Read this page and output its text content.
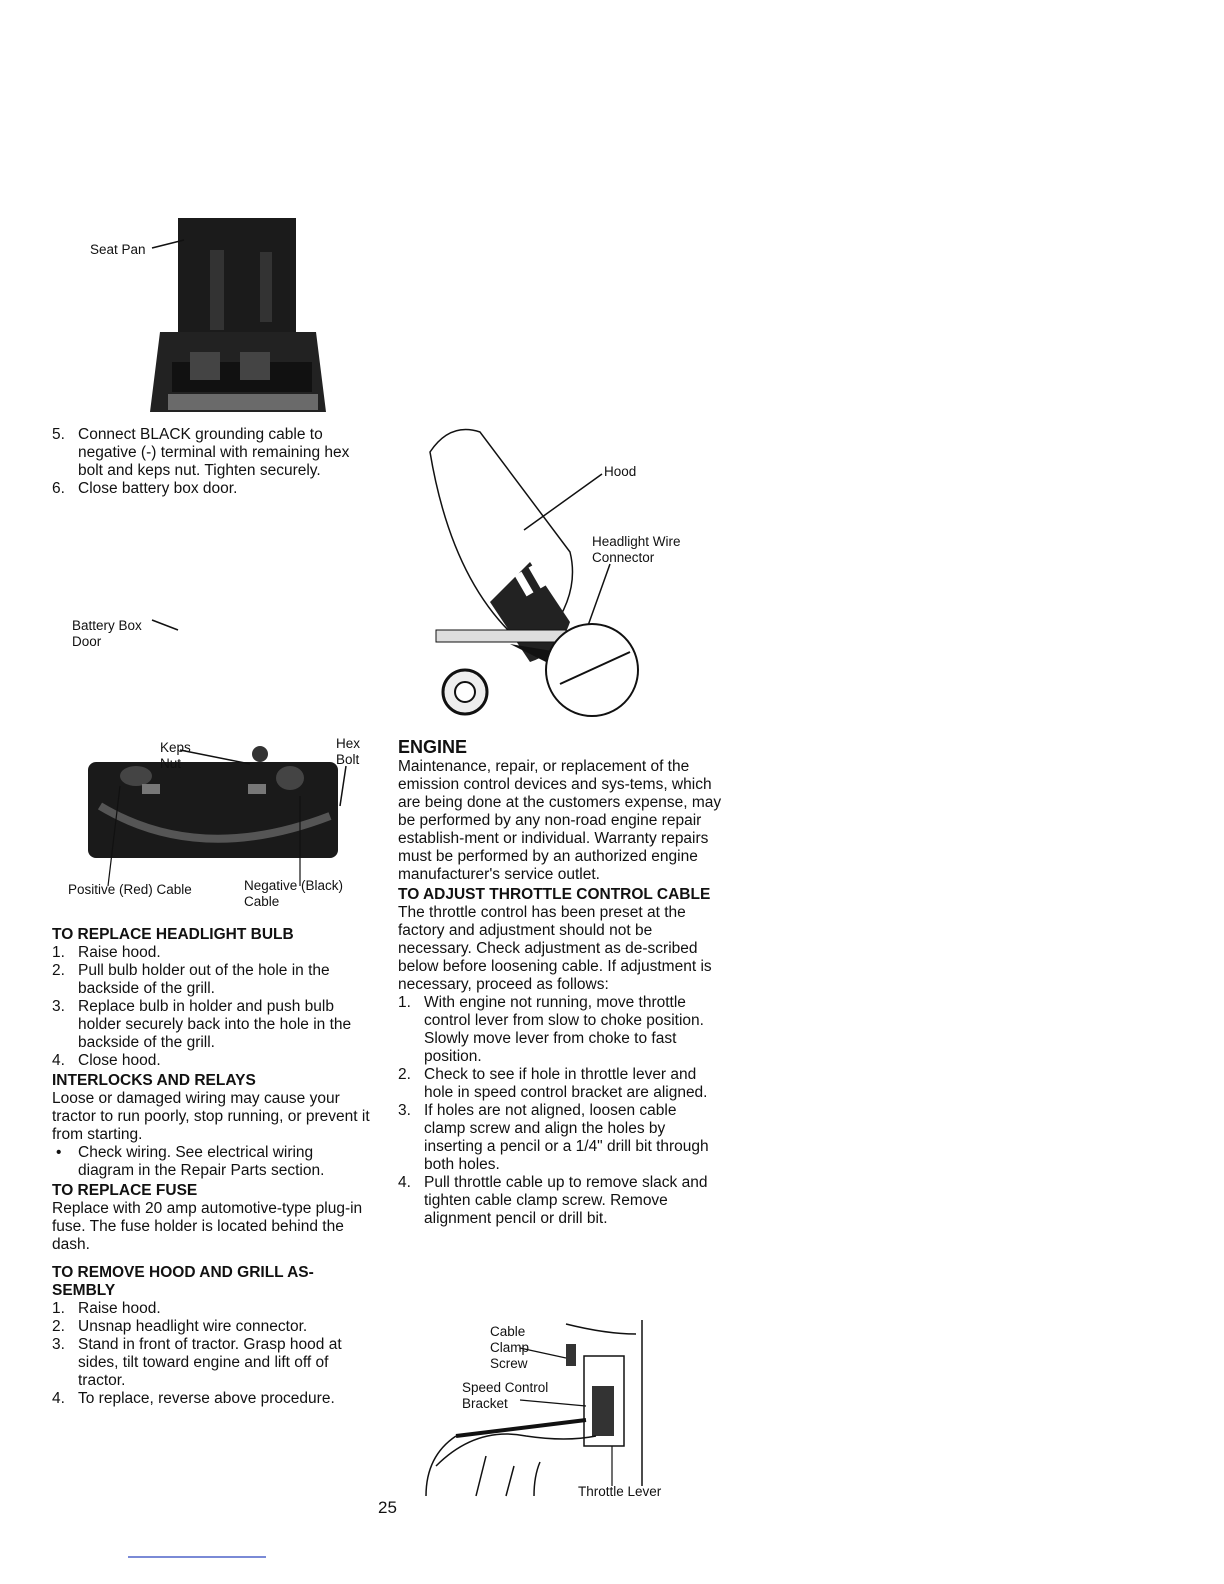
5. Connect BLACK grounding cable to negative (-) terminal with remaining hex bolt and keps nut. Tighten securely.
6. Close battery box door.
Seat Pan
Battery Box
Door
Keps
Nut
Hex
Bolt
Positive (Red) Cable	Negative (Black)
Cable
TO REPLACE HEADLIGHT BULB
1. Raise hood.
2. Pull bulb holder out of the hole in the backside of the grill.
3. Replace bulb in holder and push bulb holder securely back into the hole in the backside of the grill.
4. Close hood.
INTERLOCKS AND RELAYS
Loose or damaged wiring may cause your tractor to run poorly, stop running, or prevent it from starting.
• Check wiring. See electrical wiring diagram in the Repair Parts section.
TO REPLACE FUSE
Replace with 20 amp automotive-type plug-in fuse. The fuse holder is located behind the dash.
TO REMOVE HOOD AND GRILL AS-SEMBLY
1. Raise hood.
2. Unsnap headlight wire connector.
3. Stand in front of tractor. Grasp hood at sides, tilt toward engine and lift off of tractor.
4. To replace, reverse above procedure.
Hood
Headlight Wire
Connector
ENGINE
Maintenance, repair, or replacement of the emission control devices and sys-tems, which are being done at the customers expense, may be performed by any non-road engine repair establish-ment or individual. Warranty repairs must be performed by an authorized engine manufacturer's service outlet.
TO ADJUST THROTTLE CONTROL CABLE
The throttle control has been preset at the factory and adjustment should not be necessary. Check adjustment as de-scribed below before loosening cable. If adjustment is necessary, proceed as follows:
1. With engine not running, move throttle control lever from slow to choke position. Slowly move lever from choke to fast position.
2. Check to see if hole in throttle lever and hole in speed control bracket are aligned.
3. If holes are not aligned, loosen cable clamp screw and align the holes by inserting a pencil or a 1/4" drill bit through both holes.
4. Pull throttle cable up to remove slack and tighten cable clamp screw. Remove alignment pencil or drill bit.
Cable
Clamp
Screw
Speed Control
Bracket
Throttle Lever
25
